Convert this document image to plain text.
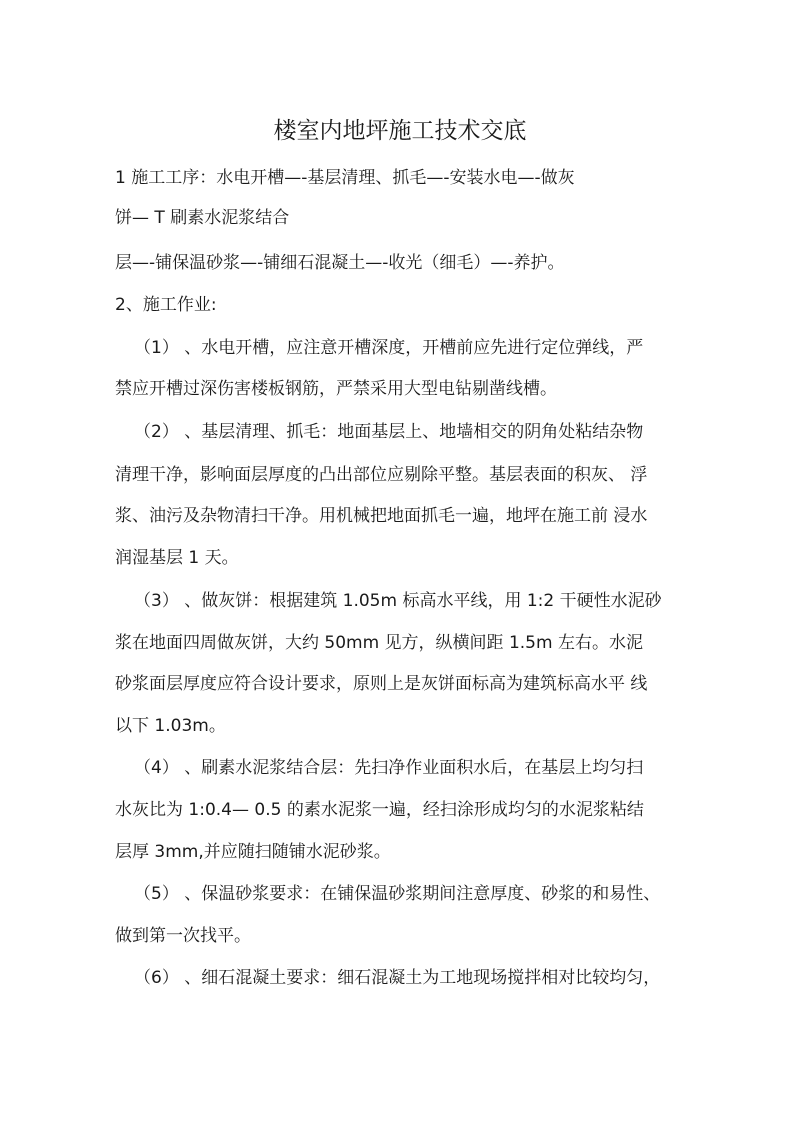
楼室内地坪施工技术交底
1 施工工序：水电开槽—-基层清理、抓毛—-安装水电—-做灰
饼— T 刷素水泥浆结合
层—-铺保温砂浆—-铺细石混凝土—-收光（细毛）—-养护。
2、施工作业:
（1） 、水电开槽，应注意开槽深度，开槽前应先进行定位弹线，严
禁应开槽过深伤害楼板钢筋，严禁采用大型电钻剔凿线槽。
（2） 、基层清理、抓毛：地面基层上、地墙相交的阴角处粘结杂物
清理干净，影响面层厚度的凸出部位应剔除平整。基层表面的积灰、 浮
浆、油污及杂物清扫干净。用机械把地面抓毛一遍，地坪在施工前 浸水
润湿基层 1 天。
（3） 、做灰饼：根据建筑 1.05m 标高水平线，用 1:2 干硬性水泥砂
浆在地面四周做灰饼，大约 50mm 见方，纵横间距 1.5m 左右。水泥
砂浆面层厚度应符合设计要求，原则上是灰饼面标高为建筑标高水平 线
以下 1.03m。
（4） 、刷素水泥浆结合层：先扫净作业面积水后，在基层上均匀扫
水灰比为 1:0.4— 0.5 的素水泥浆一遍，经扫涂形成均匀的水泥浆粘结
层厚 3mm,并应随扫随铺水泥砂浆。
（5） 、保温砂浆要求：在铺保温砂浆期间注意厚度、砂浆的和易性、
做到第一次找平。
（6） 、细石混凝土要求：细石混凝土为工地现场搅拌相对比较均匀，
